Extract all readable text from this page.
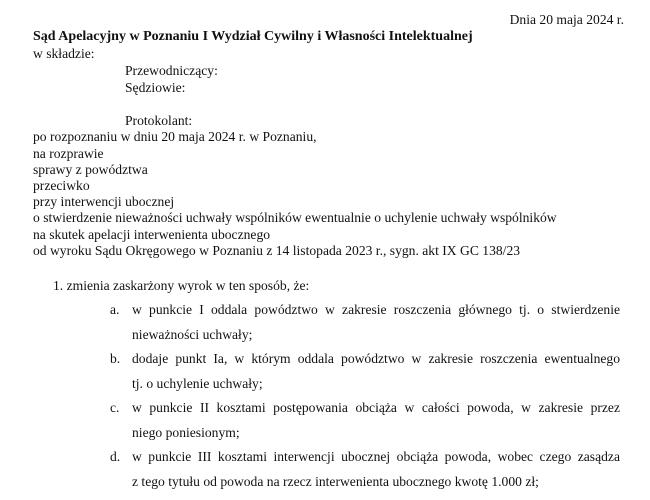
Dnia 20 maja 2024 r.
Sąd Apelacyjny w Poznaniu I Wydział Cywilny i Własności Intelektualnej
w składzie:
Przewodniczący:
Sędziowie:
Protokolant:
po rozpoznaniu w dniu 20 maja 2024 r. w Poznaniu,
na rozprawie
sprawy z powództwa
przeciwko
przy interwencji ubocznej
o stwierdzenie nieważności uchwały wspólników ewentualnie o uchylenie uchwały wspólników
na skutek apelacji interwenienta ubocznego
od wyroku Sądu Okręgowego w Poznaniu z 14 listopada 2023 r., sygn. akt IX GC 138/23
1. zmienia zaskarżony wyrok w ten sposób, że:
a. w punkcie I oddala powództwo w zakresie roszczenia głównego tj. o stwierdzenie
nieważności uchwały;
b. dodaje punkt Ia, w którym oddala powództwo w zakresie roszczenia ewentualnego
tj. o uchylenie uchwały;
c. w punkcie II kosztami postępowania obciąża w całości powoda, w zakresie przez
niego poniesionym;
d. w punkcie III kosztami interwencji ubocznej obciąża powoda, wobec czego zasądza
z tego tytułu od powoda na rzecz interwenienta ubocznego kwotę 1.000 zł;
